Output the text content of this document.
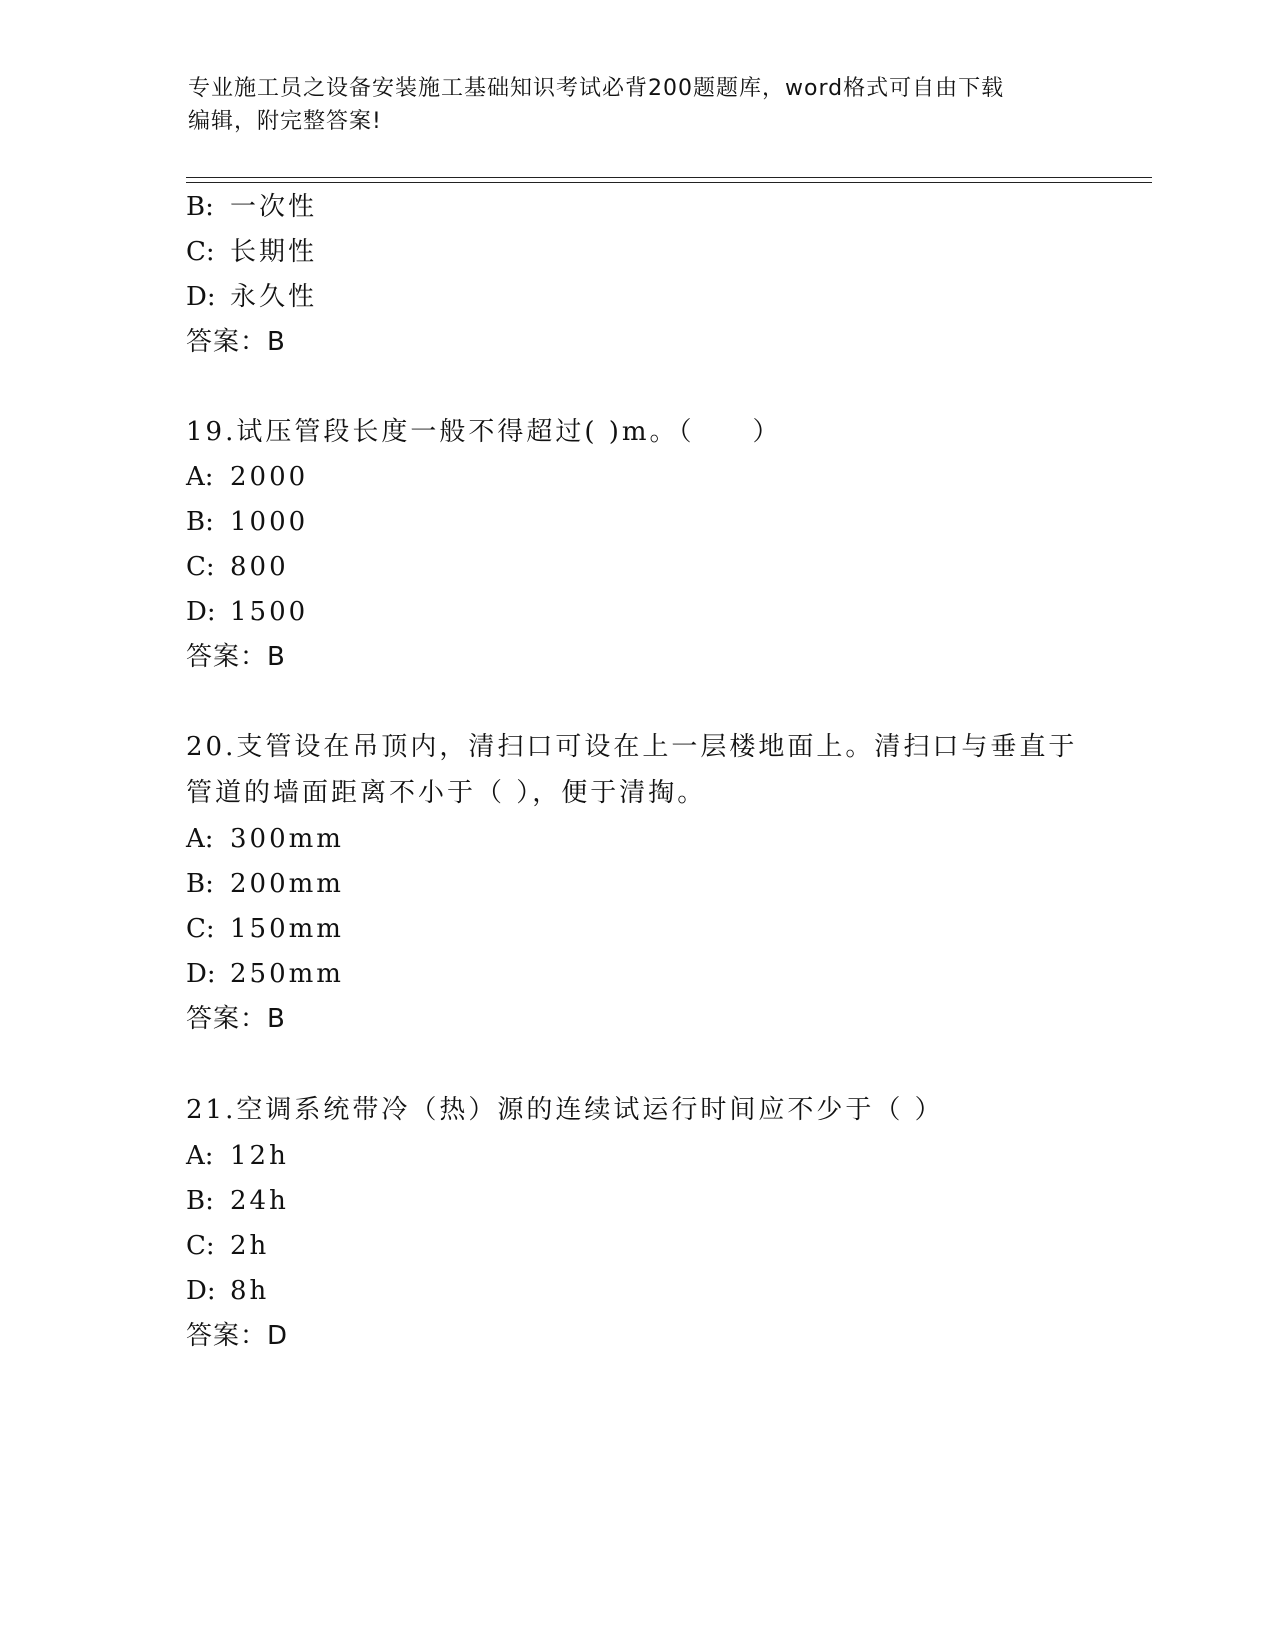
专业施工员之设备安装施工基础知识考试必背200题题库，word格式可自由下载
编辑，附完整答案!
B: 一次性
C: 长期性
D: 永久性
答案：B
19.试压管段长度一般不得超过( )m。（　　）
A: 2000
B: 1000
C: 800
D: 1500
答案：B
20.支管设在吊顶内，清扫口可设在上一层楼地面上。清扫口与垂直于
管道的墙面距离不小于（ ），便于清掏。
A: 300mm
B: 200mm
C: 150mm
D: 250mm
答案：B
21.空调系统带冷（热）源的连续试运行时间应不少于（ ）
A: 12h
B: 24h
C: 2h
D: 8h
答案：D
